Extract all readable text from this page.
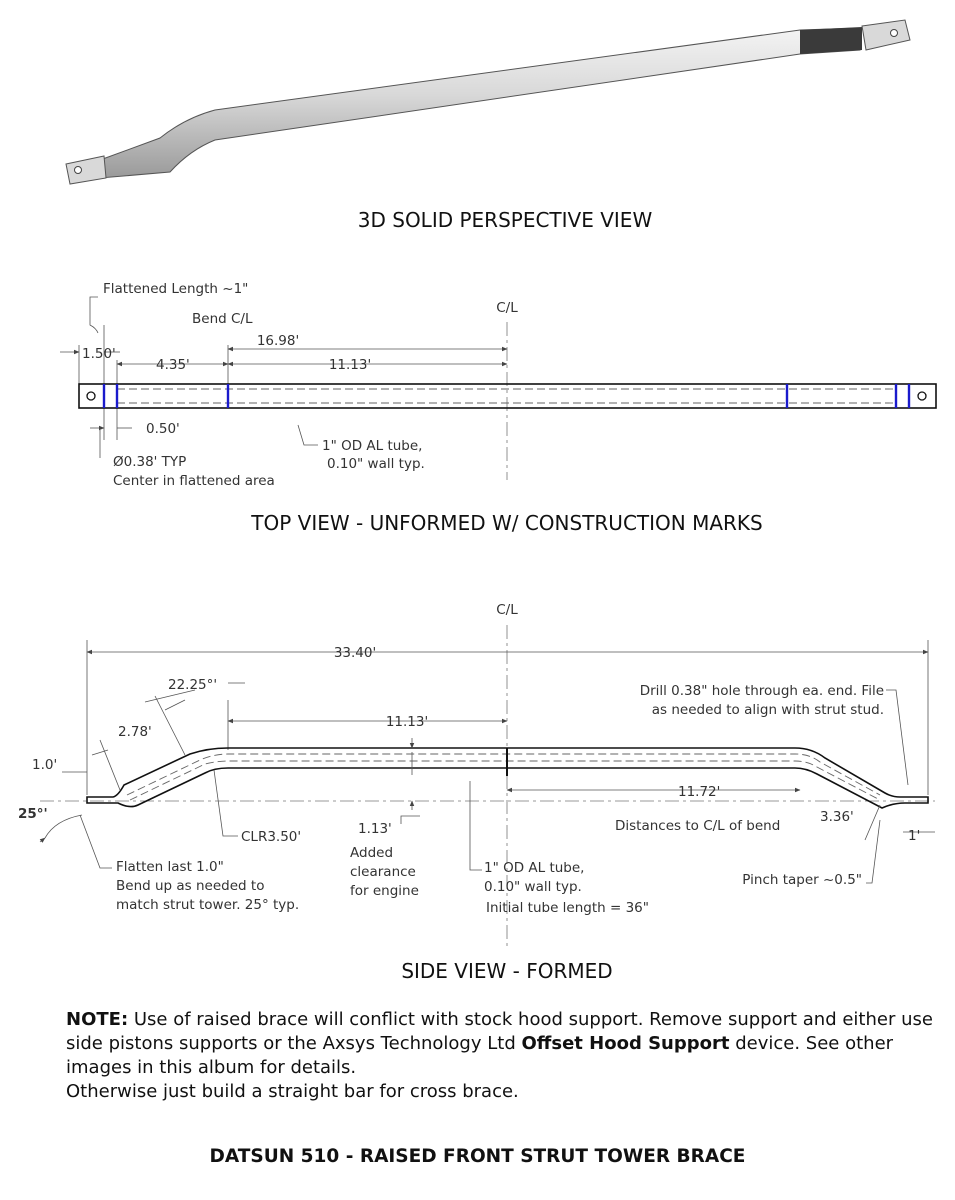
3D SOLID PERSPECTIVE VIEW
Flattened Length ~1"
C/L
Bend C/L
16.98'
1.50'
4.35'	11.13'
0.50'
1" OD AL tube,
0.10" wall typ.
Ø0.38' TYP
Center in flattened area
TOP VIEW - UNFORMED W/ CONSTRUCTION MARKS
C/L
33.40'
22.25°'
2.78'
11.13'
1.0'
25°'
CLR3.50'	1.13'
Added
clearance
for engine
1" OD AL tube,
0.10" wall typ.
Initial tube length = 36"
Drill 0.38" hole through ea. end. File
as needed to align with strut stud.
11.72'
Distances to C/L of bend
3.36'
1'
Pinch taper ~0.5"
Flatten last 1.0"
Bend up as needed to
match strut tower. 25° typ.
SIDE VIEW - FORMED
NOTE: Use of raised brace will conflict with stock hood support. Remove support and either use side pistons supports or the Axsys Technology Ltd Offset Hood Support device. See other images in this album for details.
Otherwise just build a straight bar for cross brace.
DATSUN 510 - RAISED FRONT STRUT TOWER BRACE
